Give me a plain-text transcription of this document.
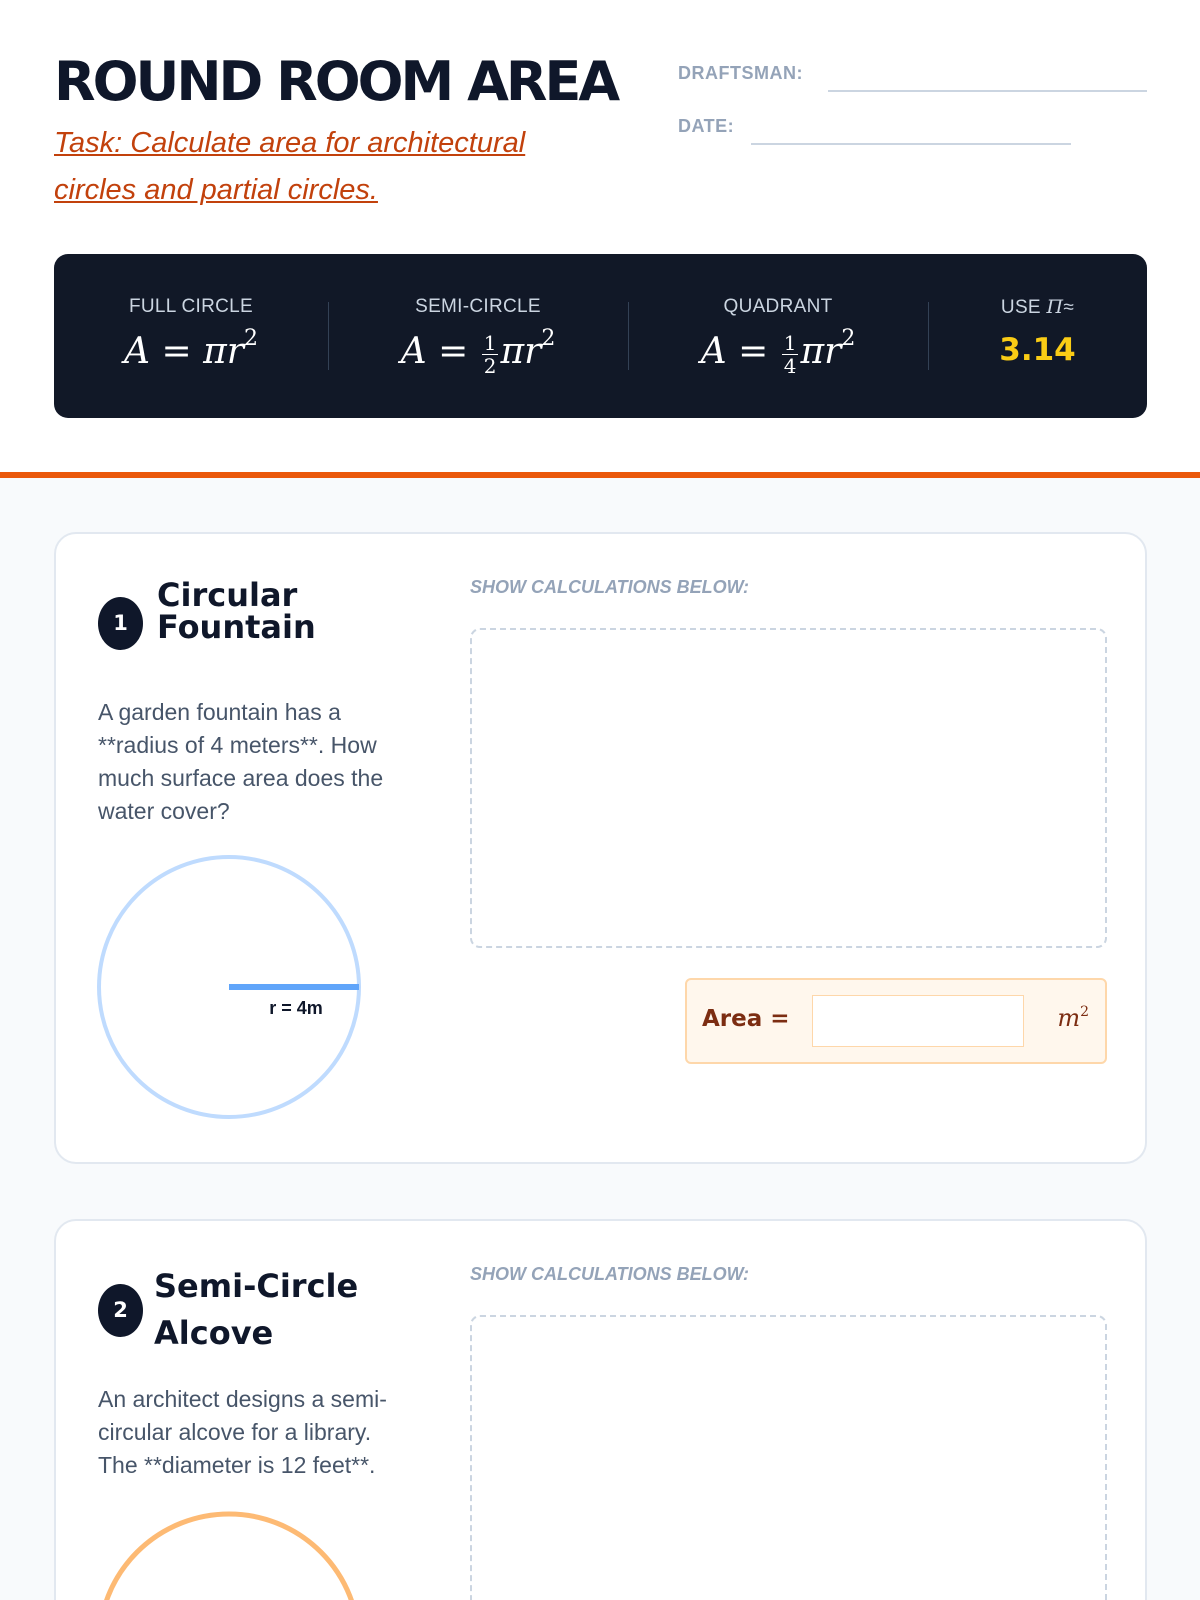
ROUND ROOM AREA
Task: Calculate area for architectural circles and partial circles.
DRAFTSMAN:
DATE:
FULL CIRCLE
$A = \pi r^2$
SEMI-CIRCLE
$A = \frac{1}{2} \pi r^2$
QUADRANT
$A = \frac{1}{4} \pi r^2$
USE Π≈
3.14
1
Circular
Fountain
A garden fountain has a
**radius of 4 meters**. How
much surface area does the
water cover?
r = 4m
SHOW CALCULATIONS BELOW:
Area =	$m^2$
2
Semi-Circle
Alcove
An architect designs a semi-
circular alcove for a library.
The **diameter is 12 feet**.
SHOW CALCULATIONS BELOW:
